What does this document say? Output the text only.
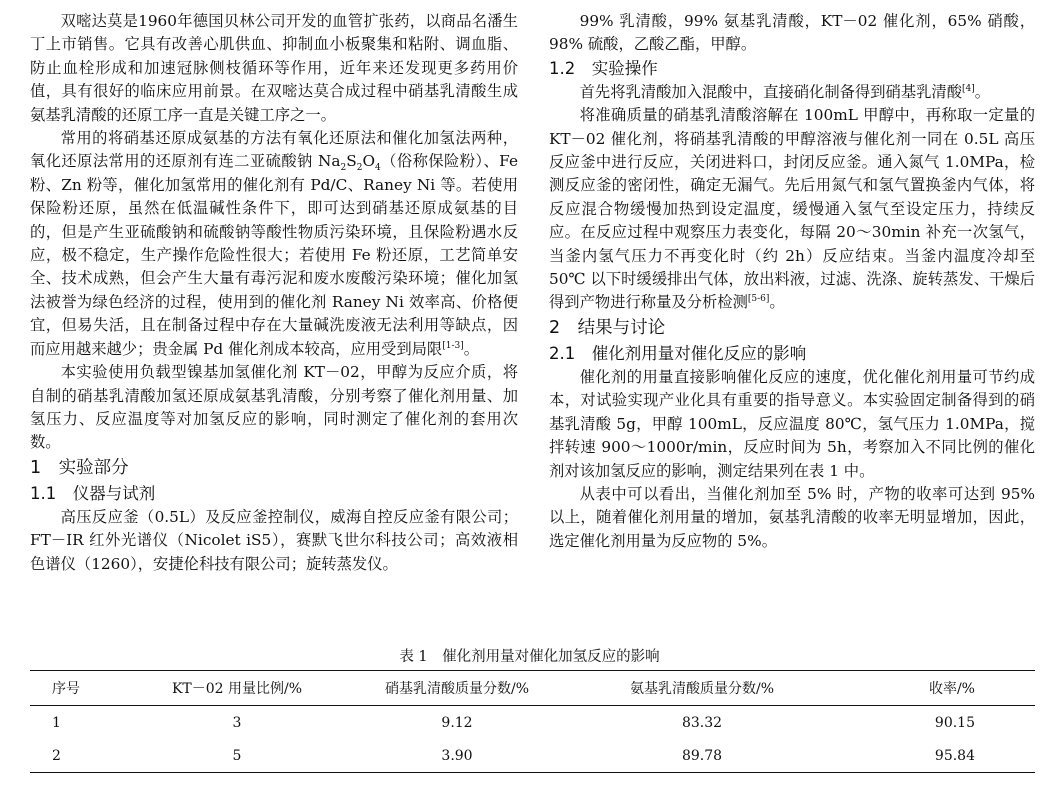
双嘧达莫是1960年德国贝林公司开发的血管扩张药，以商品名潘生丁上市销售。它具有改善心肌供血、抑制血小板聚集和粘附、调血脂、防止血栓形成和加速冠脉侧枝循环等作用，近年来还发现更多药用价值，具有很好的临床应用前景。在双嘧达莫合成过程中硝基乳清酸生成氨基乳清酸的还原工序一直是关键工序之一。

常用的将硝基还原成氨基的方法有氧化还原法和催化加氢法两种，氧化还原法常用的还原剂有连二亚硫酸钠 $Na_2S_2O_4$（俗称保险粉）、Fe 粉、Zn 粉等，催化加氢常用的催化剂有 Pd/C、Raney Ni 等。若使用保险粉还原，虽然在低温碱性条件下，即可达到硝基还原成氨基的目的，但是产生亚硫酸钠和硫酸钠等酸性物质污染环境，且保险粉遇水反应，极不稳定，生产操作危险性很大；若使用 Fe 粉还原，工艺简单安全、技术成熟，但会产生大量有毒污泥和废水废酸污染环境；催化加氢法被誉为绿色经济的过程，使用到的催化剂 Raney Ni 效率高、价格便宜，但易失活，且在制备过程中存在大量碱洗废液无法利用等缺点，因而应用越来越少；贵金属 Pd 催化剂成本较高，应用受到局限[1-3]。

本实验使用负载型镍基加氢催化剂 KT－02，甲醇为反应介质，将自制的硝基乳清酸加氢还原成氨基乳清酸，分别考察了催化剂用量、加氢压力、反应温度等对加氢反应的影响，同时测定了催化剂的套用次数。

1　实验部分
1.1　仪器与试剂

高压反应釜（0.5L）及反应釜控制仪，威海自控反应釜有限公司；FT－IR 红外光谱仪（Nicolet iS5），赛默飞世尔科技公司；高效液相色谱仪（1260），安捷伦科技有限公司；旋转蒸发仪。

99% 乳清酸，99% 氨基乳清酸，KT－02 催化剂，65% 硝酸，98% 硫酸，乙酸乙酯，甲醇。

1.2　实验操作

首先将乳清酸加入混酸中，直接硝化制备得到硝基乳清酸[4]。

将准确质量的硝基乳清酸溶解在 100mL 甲醇中，再称取一定量的 KT－02 催化剂，将硝基乳清酸的甲醇溶液与催化剂一同在 0.5L 高压反应釜中进行反应，关闭进料口，封闭反应釜。通入氮气 1.0MPa，检测反应釜的密闭性，确定无漏气。先后用氮气和氢气置换釜内气体，将反应混合物缓慢加热到设定温度，缓慢通入氢气至设定压力，持续反应。在反应过程中观察压力表变化，每隔 20～30min 补充一次氢气，当釜内氢气压力不再变化时（约 2h）反应结束。当釜内温度冷却至 50℃ 以下时缓缓排出气体，放出料液，过滤、洗涤、旋转蒸发、干燥后得到产物进行称量及分析检测[5-6]。

2　结果与讨论
2.1　催化剂用量对催化反应的影响

催化剂的用量直接影响催化反应的速度，优化催化剂用量可节约成本，对试验实现产业化具有重要的指导意义。本实验固定制备得到的硝基乳清酸 5g，甲醇 100mL，反应温度 80℃，氢气压力 1.0MPa，搅拌转速 900～1000r/min，反应时间为 5h，考察加入不同比例的催化剂对该加氢反应的影响，测定结果列在表 1 中。

从表中可以看出，当催化剂加至 5% 时，产物的收率可达到 95% 以上，随着催化剂用量的增加，氨基乳清酸的收率无明显增加，因此，选定催化剂用量为反应物的 5%。

表 1　催化剂用量对催化加氢反应的影响
序号	KT－02 用量比例/%	硝基乳清酸质量分数/%	氨基乳清酸质量分数/%	收率/%
1	3	9.12	83.32	90.15
2	5	3.90	89.78	95.84
